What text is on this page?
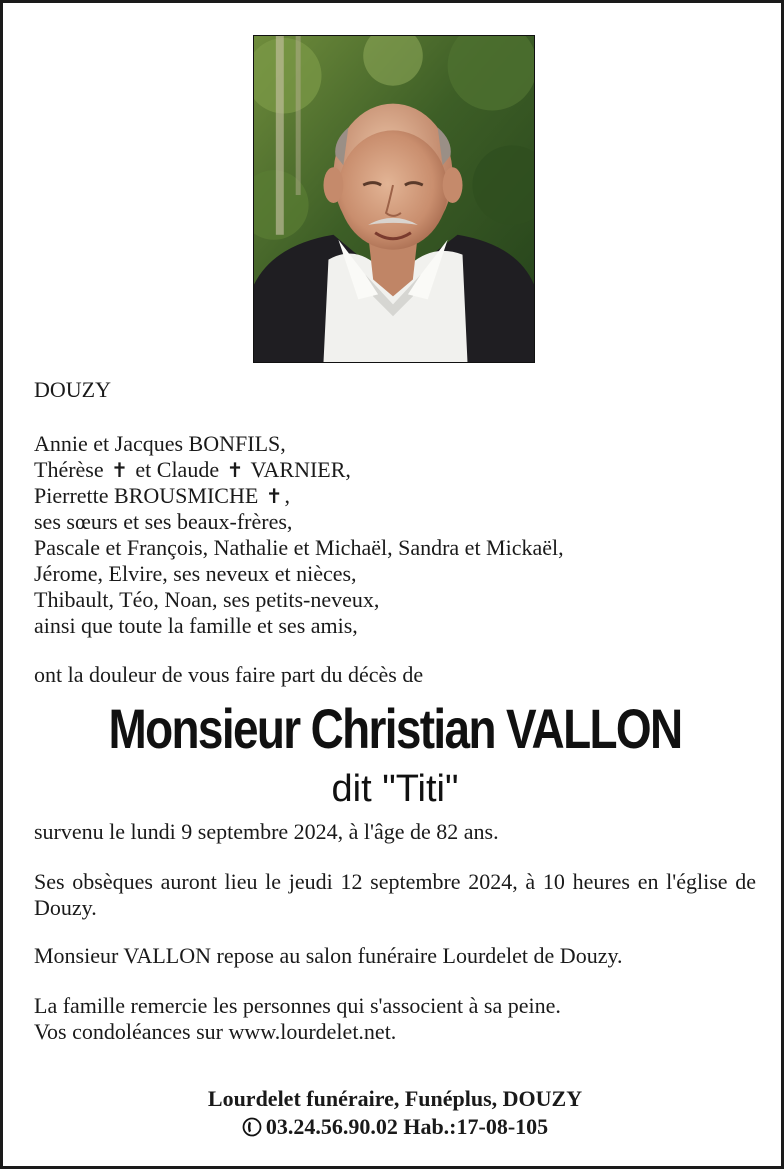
DOUZY

Annie et Jacques BONFILS,
Thérèse ✝ et Claude ✝ VARNIER,
Pierrette BROUSMICHE ✝,
ses sœurs et ses beaux-frères,
Pascale et François, Nathalie et Michaël, Sandra et Mickaël,
Jérome, Elvire, ses neveux et nièces,
Thibault, Téo, Noan, ses petits-neveux,
ainsi que toute la famille et ses amis,

ont la douleur de vous faire part du décès de

Monsieur Christian VALLON

dit "Titi"

survenu le lundi 9 septembre 2024, à l'âge de 82 ans.

Ses obsèques auront lieu le jeudi 12 septembre 2024, à 10 heures en l'église de Douzy.

Monsieur VALLON repose au salon funéraire Lourdelet de Douzy.

La famille remercie les personnes qui s'associent à sa peine.
Vos condoléances sur www.lourdelet.net.
Lourdelet funéraire, Funéplus, DOUZY
03.24.56.90.02 Hab.:17-08-105
